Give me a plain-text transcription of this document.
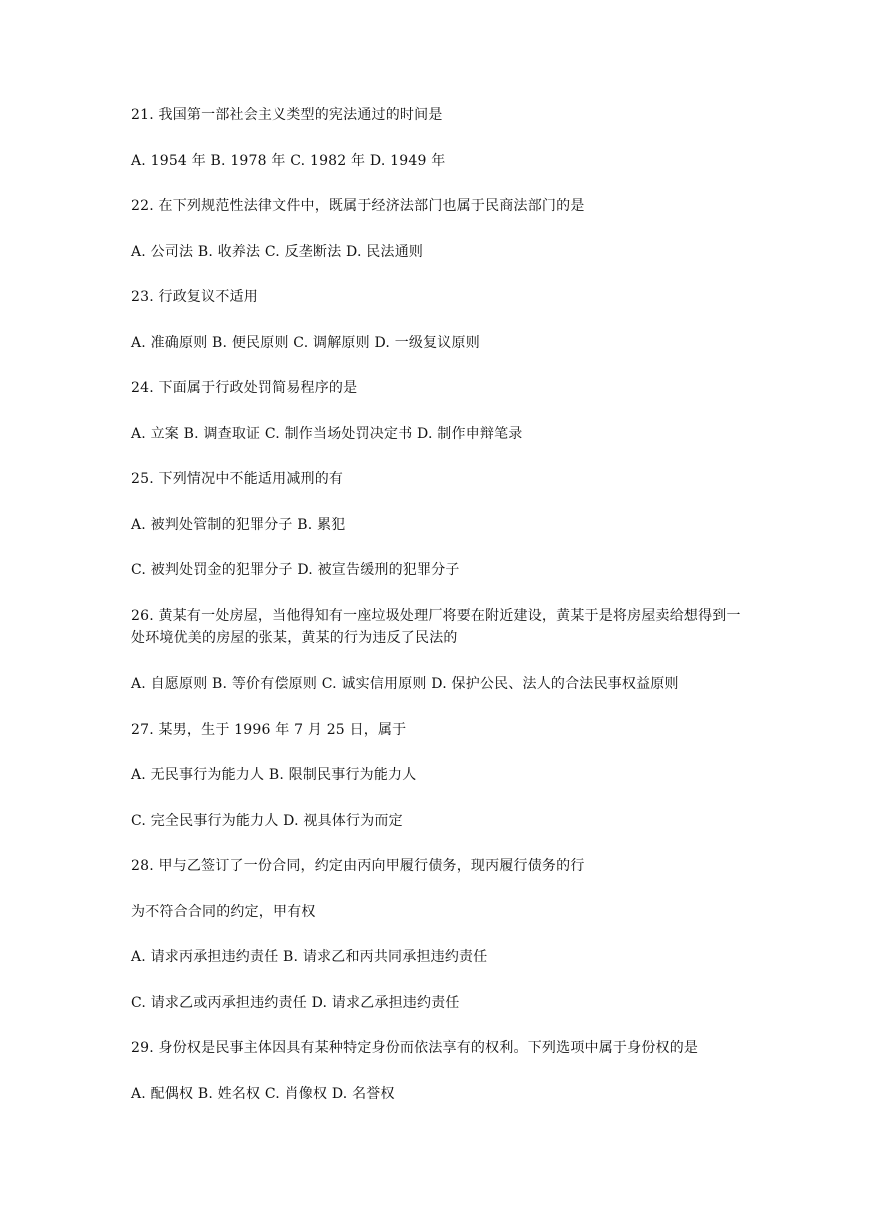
21. 我国第一部社会主义类型的宪法通过的时间是
A. 1954 年 B. 1978 年 C. 1982 年 D. 1949 年
22. 在下列规范性法律文件中，既属于经济法部门也属于民商法部门的是
A. 公司法 B. 收养法 C. 反垄断法 D. 民法通则
23. 行政复议不适用
A. 准确原则 B. 便民原则 C. 调解原则 D. 一级复议原则
24. 下面属于行政处罚简易程序的是
A. 立案 B. 调查取证 C. 制作当场处罚决定书 D. 制作申辩笔录
25. 下列情况中不能适用减刑的有
A. 被判处管制的犯罪分子 B. 累犯
C. 被判处罚金的犯罪分子 D. 被宣告缓刑的犯罪分子
26. 黄某有一处房屋，当他得知有一座垃圾处理厂将要在附近建设，黄某于是将房屋卖给想得到一处环境优美的房屋的张某，黄某的行为违反了民法的
A. 自愿原则 B. 等价有偿原则 C. 诚实信用原则 D. 保护公民、法人的合法民事权益原则
27. 某男，生于 1996 年 7 月 25 日，属于
A. 无民事行为能力人 B. 限制民事行为能力人
C. 完全民事行为能力人 D. 视具体行为而定
28. 甲与乙签订了一份合同，约定由丙向甲履行债务，现丙履行债务的行
为不符合合同的约定，甲有权
A. 请求丙承担违约责任 B. 请求乙和丙共同承担违约责任
C. 请求乙或丙承担违约责任 D. 请求乙承担违约责任
29. 身份权是民事主体因具有某种特定身份而依法享有的权利。下列选项中属于身份权的是
A. 配偶权 B. 姓名权 C. 肖像权 D. 名誉权
